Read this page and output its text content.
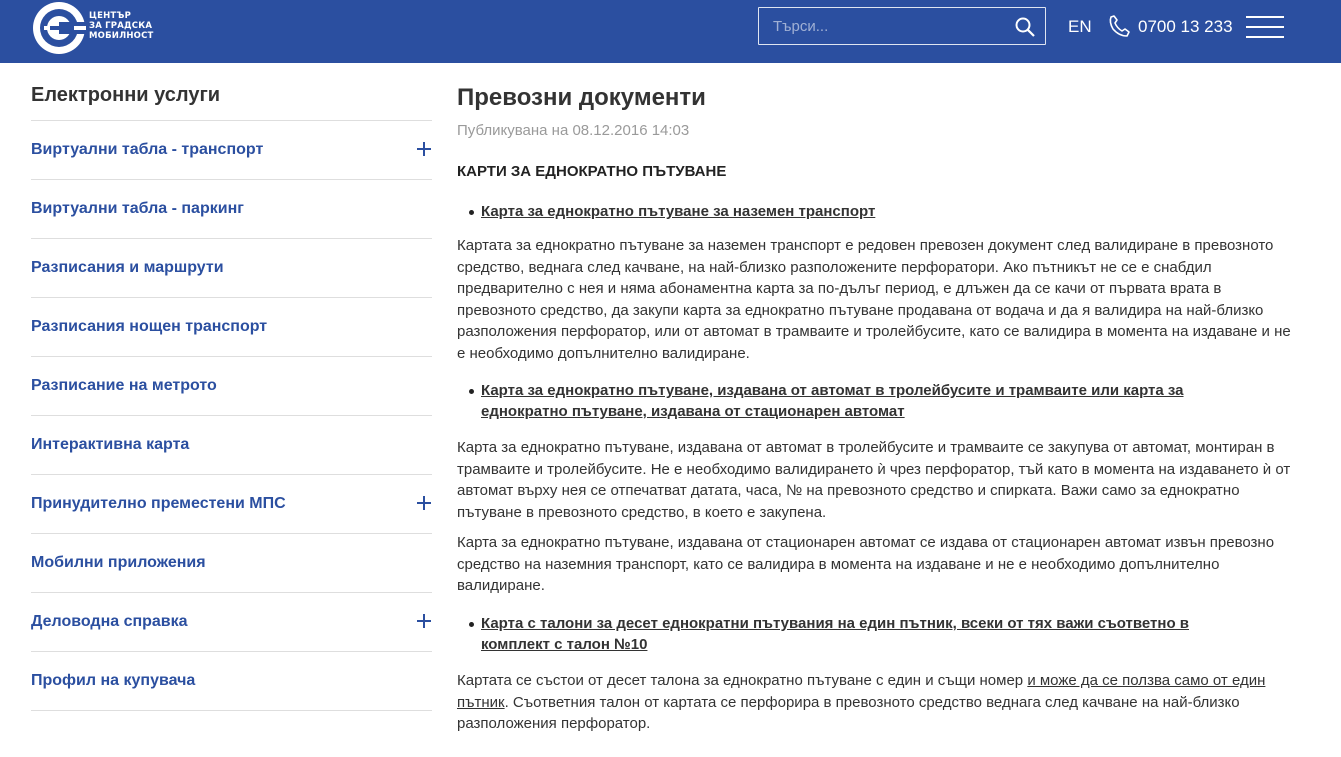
ЦЕНТЪР
ЗА ГРАДСКА
МОБИЛНОСТ
Търси...	EN	0700 13 233
Електронни услуги
Виртуални табла - транспорт
Виртуални табла - паркинг
Разписания и маршрути
Разписания нощен транспорт
Разписание на метрото
Интерактивна карта
Принудително преместени МПС
Мобилни приложения
Деловодна справка
Профил на купувача
Превозни документи
Публикувана на 08.12.2016 14:03
КАРТИ ЗА ЕДНОКРАТНО ПЪТУВАНЕ
Карта за еднократно пътуване за наземен транспорт

Картата за еднократно пътуване за наземен транспорт е редовен превозен документ след валидиране в превозното средство, веднага след качване, на най-близко разположените перфоратори. Ако пътникът не се е снабдил предварително с нея и няма абонаментна карта за по-дълъг период, е длъжен да се качи от първата врата в превозното средство, да закупи карта за еднократно пътуване продавана от водача и да я валидира на най-близко разположения перфоратор, или от автомат в трамваите и тролейбусите, като се валидира в момента на издаване и не е необходимо допълнително валидиране.

Карта за еднократно пътуване, издавана от автомат в тролейбусите и трамваите или карта за еднократно пътуване, издавана от стационарен автомат

Карта за еднократно пътуване, издавана от автомат в тролейбусите и трамваите се закупува от автомат, монтиран в трамваите и тролейбусите. Не е необходимо валидирането ѝ чрез перфоратор, тъй като в момента на издаването ѝ от автомат върху нея се отпечатват датата, часа, № на превозното средство и спирката. Важи само за еднократно пътуване в превозното средство, в което е закупена.

Карта за еднократно пътуване, издавана от стационарен автомат се издава от стационарен автомат извън превозно средство на наземния транспорт, като се валидира в момента на издаване и не е необходимо допълнително валидиране.

Карта с талони за десет еднократни пътувания на един пътник, всеки от тях важи съответно в комплект с талон №10

Картата се състои от десет талона за еднократно пътуване с един и същи номер и може да се ползва само от един пътник. Съответния талон от картата се перфорира в превозното средство веднага след качване на най-близко разположения перфоратор.
